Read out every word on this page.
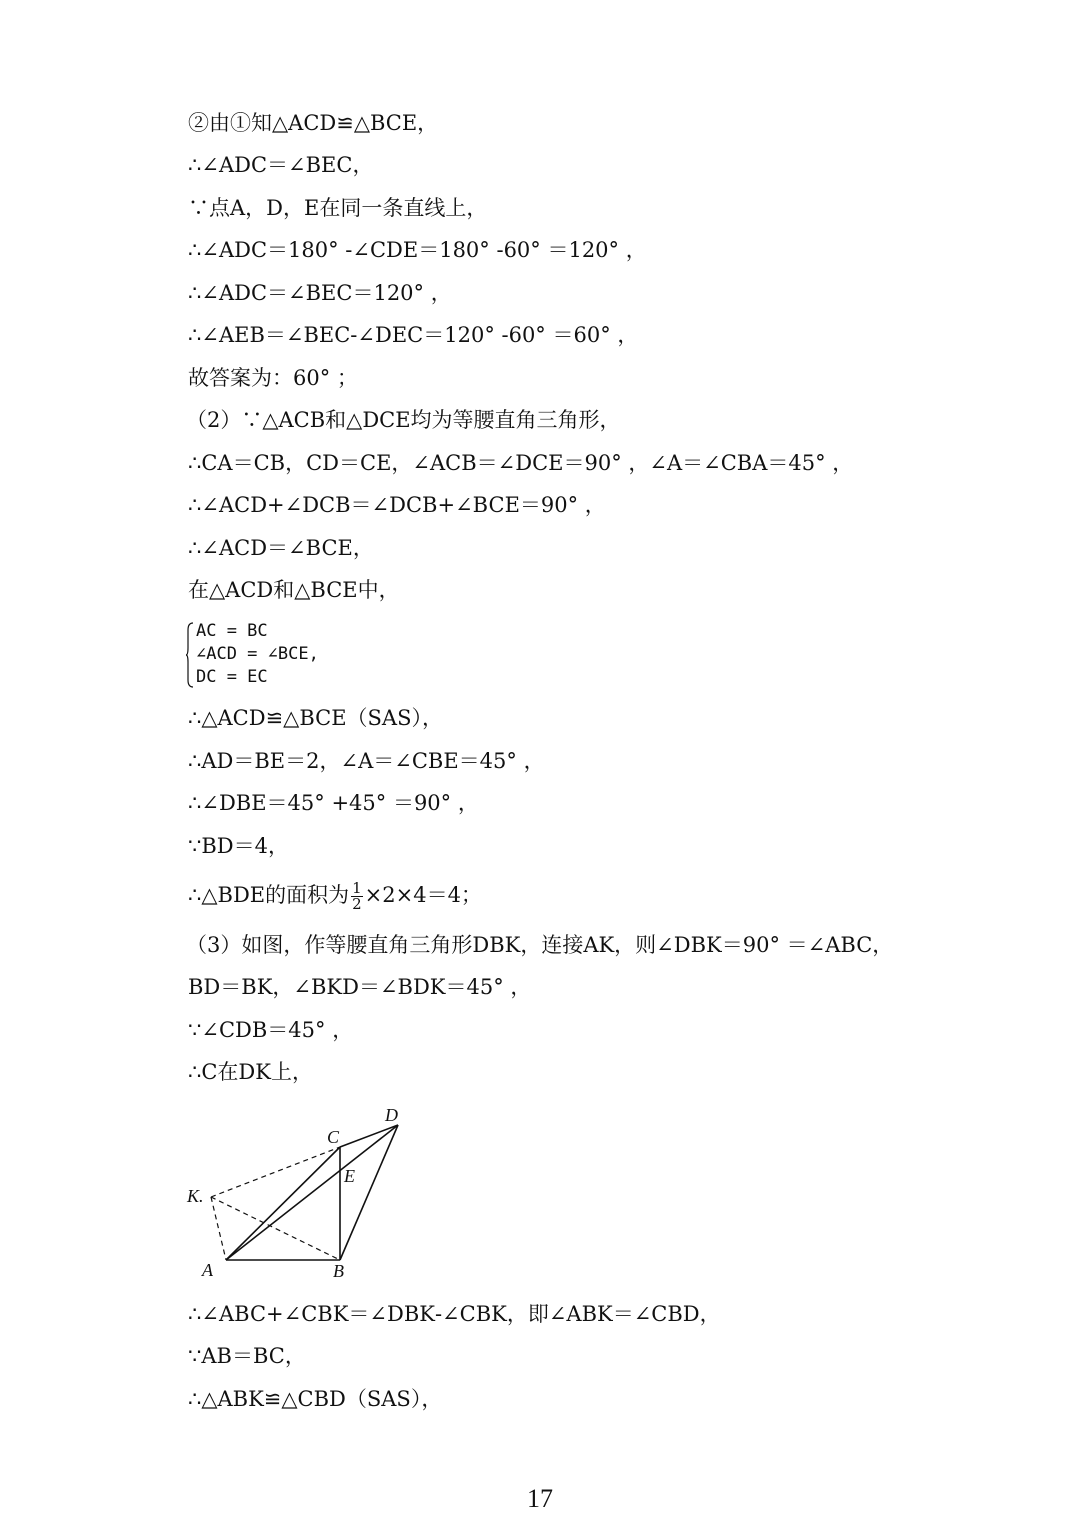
②由①知△ACD≌△BCE，
∴∠ADC＝∠BEC，
∵点A，D，E在同一条直线上，
∴∠ADC＝180° ‐∠CDE＝180° ‐60° ＝120° ，
∴∠ADC＝∠BEC＝120° ，
∴∠AEB＝∠BEC‐∠DEC＝120° ‐60° ＝60° ，
故答案为：60° ；
（2）∵△ACB和△DCE均为等腰直角三角形，
∴CA＝CB，CD＝CE，∠ACB＝∠DCE＝90° ，∠A＝∠CBA＝45° ，
∴∠ACD+∠DCB＝∠DCB+∠BCE＝90° ，
∴∠ACD＝∠BCE，
在△ACD和△BCE中，
AC = BC
∠ACD = ∠BCE,
DC = EC
∴△ACD≌△BCE（SAS），
∴AD＝BE＝2，∠A＝∠CBE＝45° ，
∴∠DBE＝45° +45° ＝90° ，
∵BD＝4，
∴△BDE的面积为 $\frac{1}{2} \times 2\times 4=4$；
（3）如图，作等腰直角三角形DBK，连接AK，则∠DBK＝90° ＝∠ABC，
BD＝BK，∠BKD＝∠BDK＝45° ，
∵∠CDB＝45° ，
∴C在DK上，
A	B
C
D
E
K.
∴∠ABC+∠CBK＝∠DBK‐∠CBK，即∠ABK＝∠CBD，
∵AB＝BC，
∴△ABK≌△CBD（SAS），
17
